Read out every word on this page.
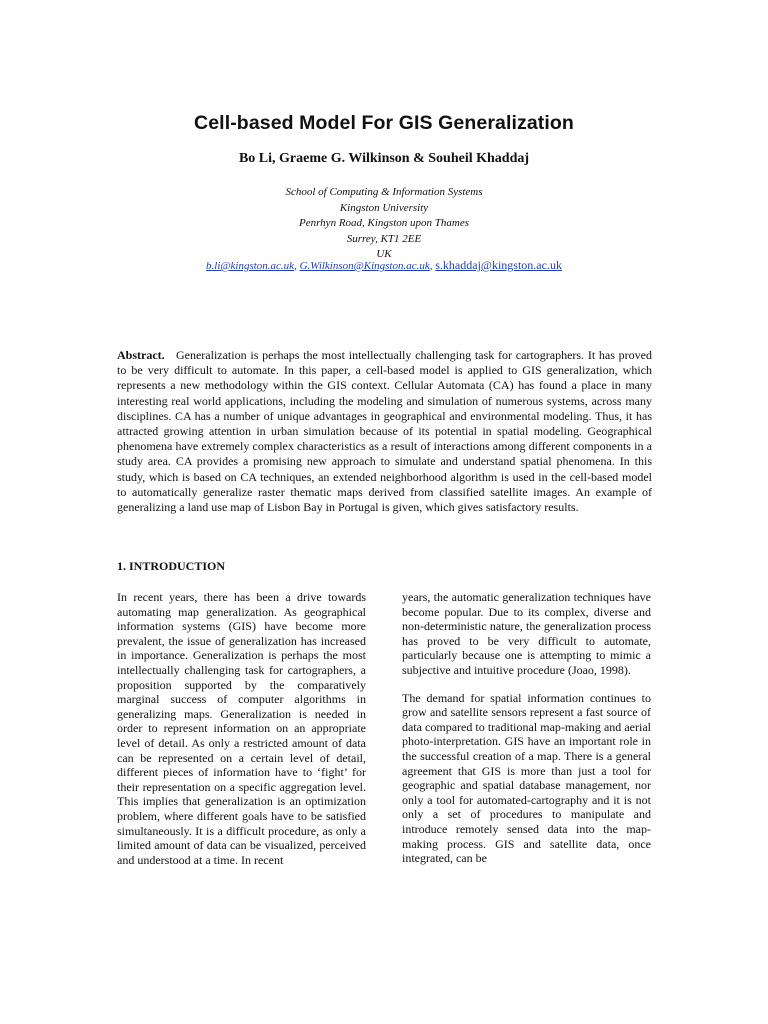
Cell-based Model For GIS Generalization
Bo Li, Graeme G. Wilkinson & Souheil Khaddaj
School of Computing & Information Systems
Kingston University
Penrhyn Road, Kingston upon Thames
Surrey, KT1 2EE
UK
b.li@kingston.ac.uk, G.Wilkinson@Kingston.ac.uk, s.khaddaj@kingston.ac.uk
Abstract. Generalization is perhaps the most intellectually challenging task for cartographers. It has proved to be very difficult to automate. In this paper, a cell-based model is applied to GIS generalization, which represents a new methodology within the GIS context. Cellular Automata (CA) has found a place in many interesting real world applications, including the modeling and simulation of numerous systems, across many disciplines. CA has a number of unique advantages in geographical and environmental modeling. Thus, it has attracted growing attention in urban simulation because of its potential in spatial modeling. Geographical phenomena have extremely complex characteristics as a result of interactions among different components in a study area. CA provides a promising new approach to simulate and understand spatial phenomena. In this study, which is based on CA techniques, an extended neighborhood algorithm is used in the cell-based model to automatically generalize raster thematic maps derived from classified satellite images. An example of generalizing a land use map of Lisbon Bay in Portugal is given, which gives satisfactory results.
1. INTRODUCTION

In recent years, there has been a drive towards automating map generalization. As geographical information systems (GIS) have become more prevalent, the issue of generalization has increased in importance. Generalization is perhaps the most intellectually challenging task for cartographers, a proposition supported by the comparatively marginal success of computer algorithms in generalizing maps. Generalization is needed in order to represent information on an appropriate level of detail. As only a restricted amount of data can be represented on a certain level of detail, different pieces of information have to ‘fight’ for their representation on a specific aggregation level. This implies that generalization is an optimization problem, where different goals have to be satisfied simultaneously. It is a difficult procedure, as only a limited amount of data can be visualized, perceived and understood at a time. In recent

years, the automatic generalization techniques have become popular. Due to its complex, diverse and non-deterministic nature, the generalization process has proved to be very difficult to automate, particularly because one is attempting to mimic a subjective and intuitive procedure (Joao, 1998).

The demand for spatial information continues to grow and satellite sensors represent a fast source of data compared to traditional map-making and aerial photo-interpretation. GIS have an important role in the successful creation of a map. There is a general agreement that GIS is more than just a tool for geographic and spatial database management, nor only a tool for automated-cartography and it is not only a set of procedures to manipulate and introduce remotely sensed data into the map-making process. GIS and satellite data, once integrated, can be
